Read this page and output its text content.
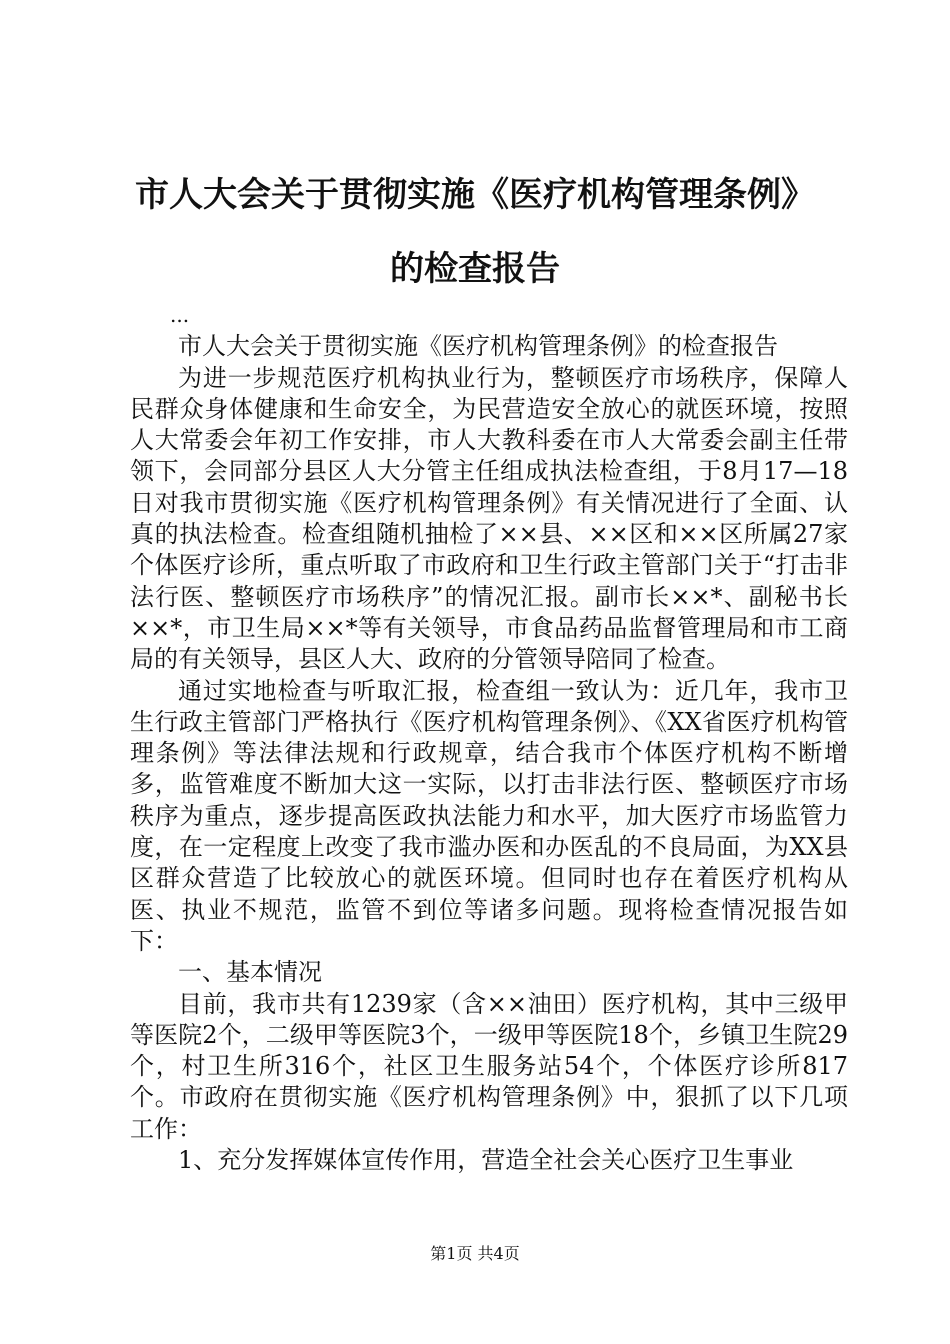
市人大会关于贯彻实施《医疗机构管理条例》
的检查报告

...

市人大会关于贯彻实施《医疗机构管理条例》的检查报告

为进一步规范医疗机构执业行为，整顿医疗市场秩序，保障人民群众身体健康和生命安全，为民营造安全放心的就医环境，按照人大常委会年初工作安排，市人大教科委在市人大常委会副主任带领下，会同部分县区人大分管主任组成执法检查组，于8月17—18日对我市贯彻实施《医疗机构管理条例》有关情况进行了全面、认真的执法检查。检查组随机抽检了××县、××区和××区所属27家个体医疗诊所，重点听取了市政府和卫生行政主管部门关于“打击非法行医、整顿医疗市场秩序”的情况汇报。副市长××*、副秘书长××*，市卫生局××*等有关领导，市食品药品监督管理局和市工商局的有关领导，县区人大、政府的分管领导陪同了检查。

通过实地检查与听取汇报，检查组一致认为：近几年，我市卫生行政主管部门严格执行《医疗机构管理条例》、《XX省医疗机构管理条例》等法律法规和行政规章，结合我市个体医疗机构不断增多，监管难度不断加大这一实际，以打击非法行医、整顿医疗市场秩序为重点，逐步提高医政执法能力和水平，加大医疗市场监管力度，在一定程度上改变了我市滥办医和办医乱的不良局面，为XX县区群众营造了比较放心的就医环境。但同时也存在着医疗机构从医、执业不规范，监管不到位等诸多问题。现将检查情况报告如下：

一、基本情况

目前，我市共有1239家（含××油田）医疗机构，其中三级甲等医院2个，二级甲等医院3个，一级甲等医院18个，乡镇卫生院29个，村卫生所316个，社区卫生服务站54个，个体医疗诊所817个。市政府在贯彻实施《医疗机构管理条例》中，狠抓了以下几项工作：

1、充分发挥媒体宣传作用，营造全社会关心医疗卫生事业

第1页 共4页
